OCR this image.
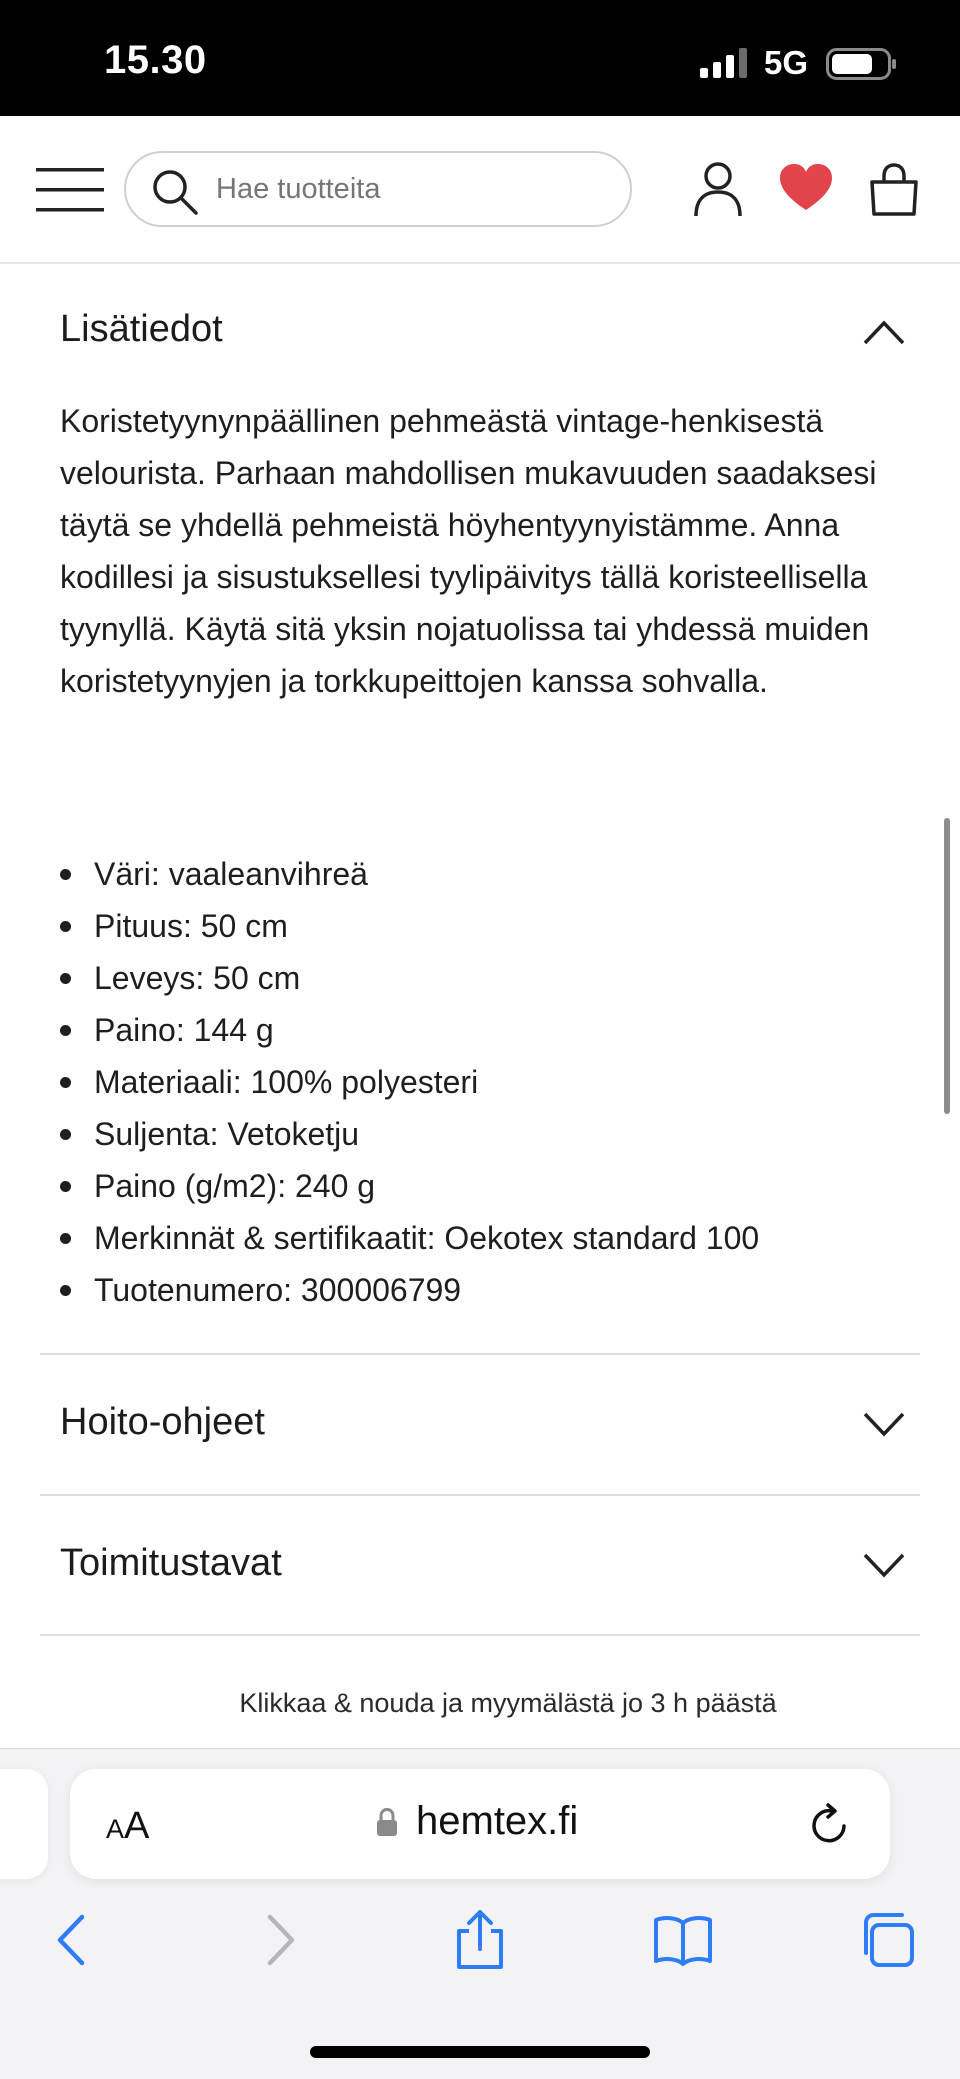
15.30	5G
Hae tuotteita
Lisätiedot

Koristetyynynpäällinen pehmeästä vintage-henkisestä velourista. Parhaan mahdollisen mukavuuden saadaksesi täytä se yhdellä pehmeistä höyhentyynyistämme. Anna kodillesi ja sisustuksellesi tyylipäivitys tällä koristeellisella tyynyllä. Käytä sitä yksin nojatuolissa tai yhdessä muiden koristetyynyjen ja torkkupeittojen kanssa sohvalla.

Väri: vaaleanvihreä
Pituus: 50 cm
Leveys: 50 cm
Paino: 144 g
Materiaali: 100% polyesteri
Suljenta: Vetoketju
Paino (g/m2): 240 g
Merkinnät & sertifikaatit: Oekotex standard 100
Tuotenumero: 300006799
Hoito-ohjeet
Toimitustavat
Klikkaa & nouda ja myymälästä jo 3 h päästä
AA	hemtex.fi
